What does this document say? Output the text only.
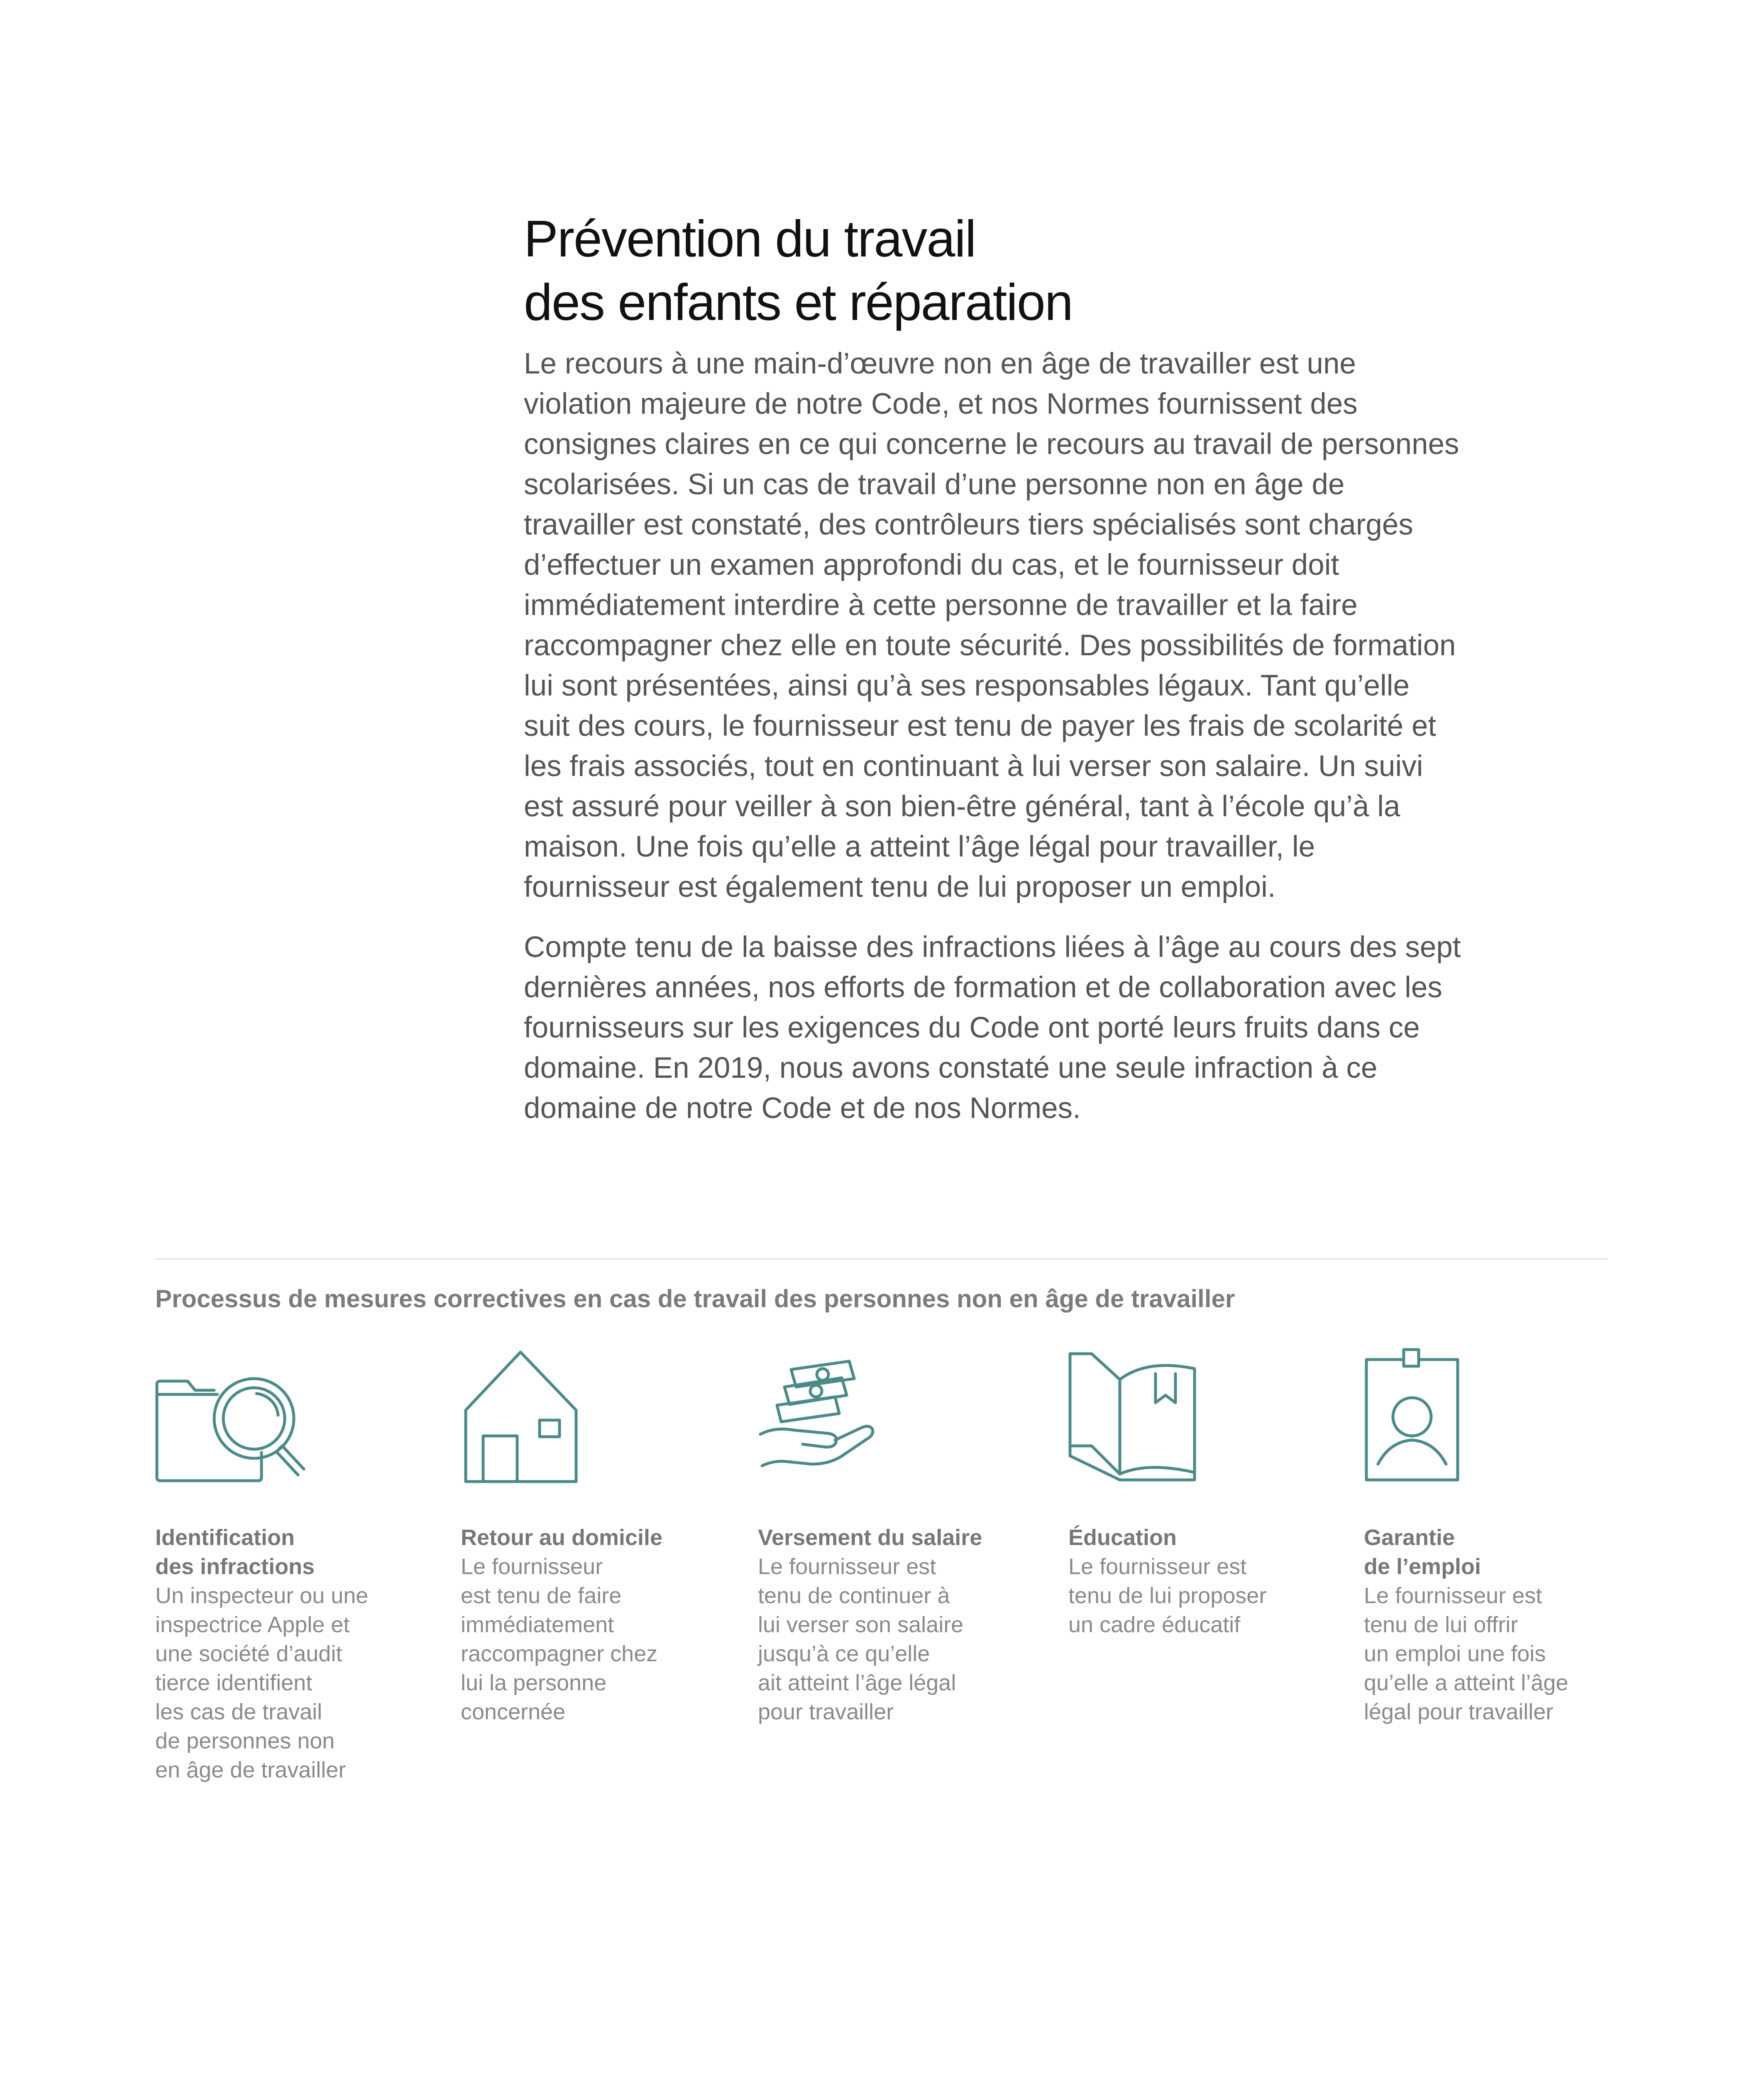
Prévention du travail
des enfants et réparation

Le recours à une main-d’œuvre non en âge de travailler est une violation majeure de notre Code, et nos Normes fournissent des consignes claires en ce qui concerne le recours au travail de personnes scolarisées. Si un cas de travail d’une personne non en âge de travailler est constaté, des contrôleurs tiers spécialisés sont chargés d’effectuer un examen approfondi du cas, et le fournisseur doit immédiatement interdire à cette personne de travailler et la faire raccompagner chez elle en toute sécurité. Des possibilités de formation lui sont présentées, ainsi qu’à ses responsables légaux. Tant qu’elle suit des cours, le fournisseur est tenu de payer les frais de scolarité et les frais associés, tout en continuant à lui verser son salaire. Un suivi est assuré pour veiller à son bien-être général, tant à l’école qu’à la maison. Une fois qu’elle a atteint l’âge légal pour travailler, le fournisseur est également tenu de lui proposer un emploi.

Compte tenu de la baisse des infractions liées à l’âge au cours des sept dernières années, nos efforts de formation et de collaboration avec les fournisseurs sur les exigences du Code ont porté leurs fruits dans ce domaine. En 2019, nous avons constaté une seule infraction à ce domaine de notre Code et de nos Normes.

Processus de mesures correctives en cas de travail des personnes non en âge de travailler
Identification
des infractions
Un inspecteur ou une
inspectrice Apple et
une société d’audit
tierce identifient
les cas de travail
de personnes non
en âge de travailler
Retour au domicile
Le fournisseur
est tenu de faire
immédiatement
raccompagner chez
lui la personne
concernée
Versement du salaire
Le fournisseur est
tenu de continuer à
lui verser son salaire
jusqu’à ce qu’elle
ait atteint l’âge légal
pour travailler
Éducation
Le fournisseur est
tenu de lui proposer
un cadre éducatif
Garantie
de l’emploi
Le fournisseur est
tenu de lui offrir
un emploi une fois
qu’elle a atteint l’âge
légal pour travailler
